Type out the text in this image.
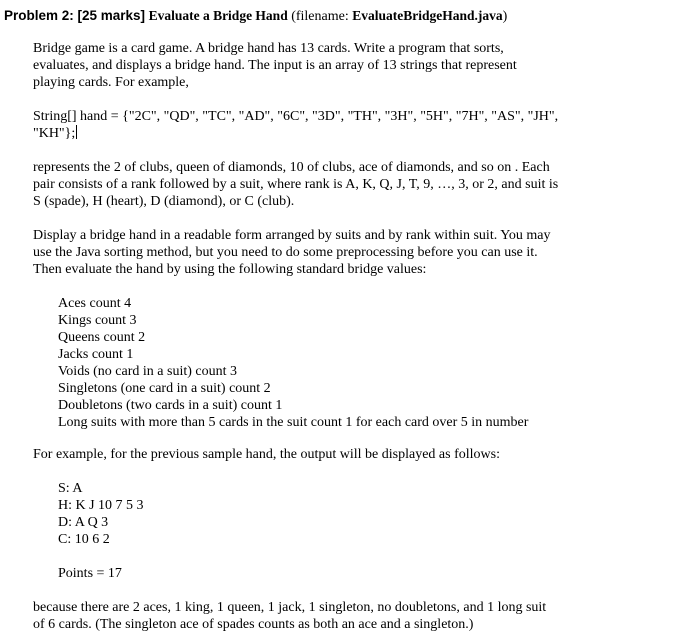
Problem 2: [25 marks] Evaluate a Bridge Hand (filename: EvaluateBridgeHand.java)
Bridge game is a card game. A bridge hand has 13 cards. Write a program that sorts,
evaluates, and displays a bridge hand. The input is an array of 13 strings that represent
playing cards. For example,
String[] hand = {"2C", "QD", "TC", "AD", "6C", "3D", "TH", "3H", "5H", "7H", "AS", "JH",
"KH"};
represents the 2 of clubs, queen of diamonds, 10 of clubs, ace of diamonds, and so on . Each
pair consists of a rank followed by a suit, where rank is A, K, Q, J, T, 9, …, 3, or 2, and suit is
S (spade), H (heart), D (diamond), or C (club).
Display a bridge hand in a readable form arranged by suits and by rank within suit. You may
use the Java sorting method, but you need to do some preprocessing before you can use it.
Then evaluate the hand by using the following standard bridge values:
Aces count 4
Kings count 3
Queens count 2
Jacks count 1
Voids (no card in a suit) count 3
Singletons (one card in a suit) count 2
Doubletons (two cards in a suit) count 1
Long suits with more than 5 cards in the suit count 1 for each card over 5 in number
For example, for the previous sample hand, the output will be displayed as follows:
S: A
H: K J 10 7 5 3
D: A Q 3
C: 10 6 2
Points = 17
because there are 2 aces, 1 king, 1 queen, 1 jack, 1 singleton, no doubletons, and 1 long suit
of 6 cards. (The singleton ace of spades counts as both an ace and a singleton.)
